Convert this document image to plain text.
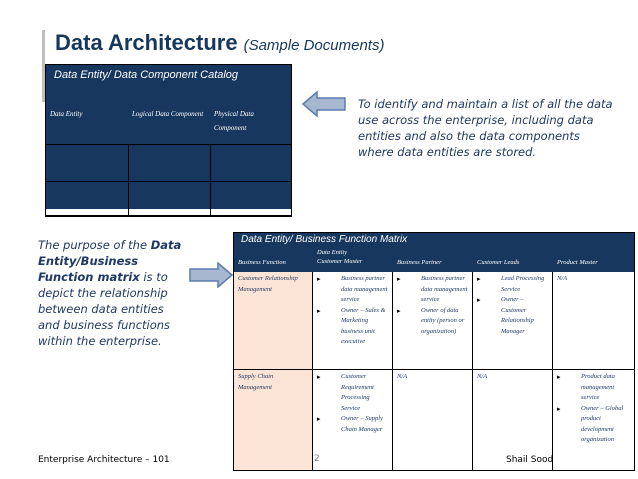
Data Architecture (Sample Documents)
Data Entity/ Data Component Catalog
Data Entity	Logical Data Component	Physical Data Component
To identify and maintain a list of all the data use across the enterprise, including data entities and also the data components where data entities are stored.
The purpose of the Data Entity/Business Function matrix is to depict the relationship between data entities and business functions within the enterprise.
Data Entity/ Business Function Matrix
Business Function
Data Entity
Customer Master	Business Partner	Customer Leads	Product Master
Customer Relationship Management
▸ Business partner data management service
▸ Owner – Sales & Marketing business unit executive
▸ Business partner data management service
▸ Owner of data entity (person or organization)
▸ Lead Processing Service
▸ Owner – Customer Relationship Manager
N/A
Supply Chain Management
▸ Customer Requirement Processing Service
▸ Owner – Supply Chain Manager
N/A	N/A
▸	Product data management service
▸ Owner – Global product development organization
Enterprise Architecture – 101	2	Shail Sood
